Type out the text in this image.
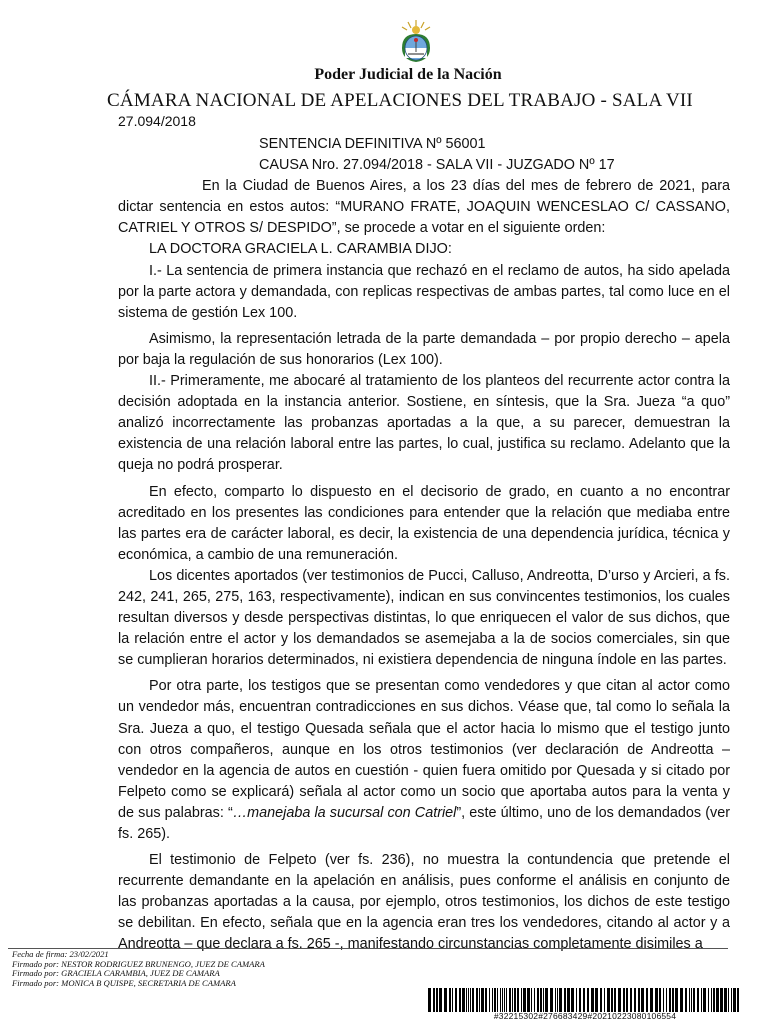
Poder Judicial de la Nación
CÁMARA NACIONAL DE APELACIONES DEL TRABAJO - SALA VII
27.094/2018

SENTENCIA DEFINITIVA Nº 56001

CAUSA Nro. 27.094/2018 - SALA VII - JUZGADO Nº 17

En la Ciudad de Buenos Aires, a los 23 días del mes de febrero de 2021, para dictar sentencia en estos autos: “MURANO FRATE, JOAQUIN WENCESLAO C/ CASSANO, CATRIEL Y OTROS S/ DESPIDO”, se procede a votar en el siguiente orden:

LA DOCTORA GRACIELA L. CARAMBIA DIJO:

I.- La sentencia de primera instancia que rechazó en el reclamo de autos, ha sido apelada por la parte actora y demandada, con replicas respectivas de ambas partes, tal como luce en el sistema de gestión Lex 100.

Asimismo, la representación letrada de la parte demandada – por propio derecho – apela por baja la regulación de sus honorarios (Lex 100).

II.- Primeramente, me abocaré al tratamiento de los planteos del recurrente actor contra la decisión adoptada en la instancia anterior. Sostiene, en síntesis, que la Sra. Jueza “a quo” analizó incorrectamente las probanzas aportadas a la que, a su parecer, demuestran la existencia de una relación laboral entre las partes, lo cual, justifica su reclamo. Adelanto que la queja no podrá prosperar.

En efecto, comparto lo dispuesto en el decisorio de grado, en cuanto a no encontrar acreditado en los presentes las condiciones para entender que la relación que mediaba entre las partes era de carácter laboral, es decir, la existencia de una dependencia jurídica, técnica y económica, a cambio de una remuneración.

Los dicentes aportados (ver testimonios de Pucci, Calluso, Andreotta, D’urso y Arcieri, a fs. 242, 241, 265, 275, 163, respectivamente), indican en sus convincentes testimonios, los cuales resultan diversos y desde perspectivas distintas, lo que enriquecen el valor de sus dichos, que la relación entre el actor y los demandados se asemejaba a la de socios comerciales, sin que se cumplieran horarios determinados, ni existiera dependencia de ninguna índole en las partes.

Por otra parte, los testigos que se presentan como vendedores y que citan al actor como un vendedor más, encuentran contradicciones en sus dichos. Véase que, tal como lo señala la Sra. Jueza a quo, el testigo Quesada señala que el actor hacia lo mismo que el testigo junto con otros compañeros, aunque en los otros testimonios (ver declaración de Andreotta – vendedor en la agencia de autos en cuestión - quien fuera omitido por Quesada y si citado por Felpeto como se explicará) señala al actor como un socio que aportaba autos para la venta y de sus palabras: “…manejaba la sucursal con Catriel”, este último, uno de los demandados (ver fs. 265).

El testimonio de Felpeto (ver fs. 236), no muestra la contundencia que pretende el recurrente demandante en la apelación en análisis, pues conforme el análisis en conjunto de las probanzas aportadas a la causa, por ejemplo, otros testimonios, los dichos de este testigo se debilitan. En efecto, señala que en la agencia eran tres los vendedores, citando al actor y a Andreotta – que declara a fs. 265 -, manifestando circunstancias completamente disimiles a

Fecha de firma: 23/02/2021
Firmado por: NESTOR RODRIGUEZ BRUNENGO, JUEZ DE CAMARA
Firmado por: GRACIELA CARAMBIA, JUEZ DE CAMARA
Firmado por: MONICA B QUISPE, SECRETARIA DE CAMARA
#32215302#276683429#20210223080106554
